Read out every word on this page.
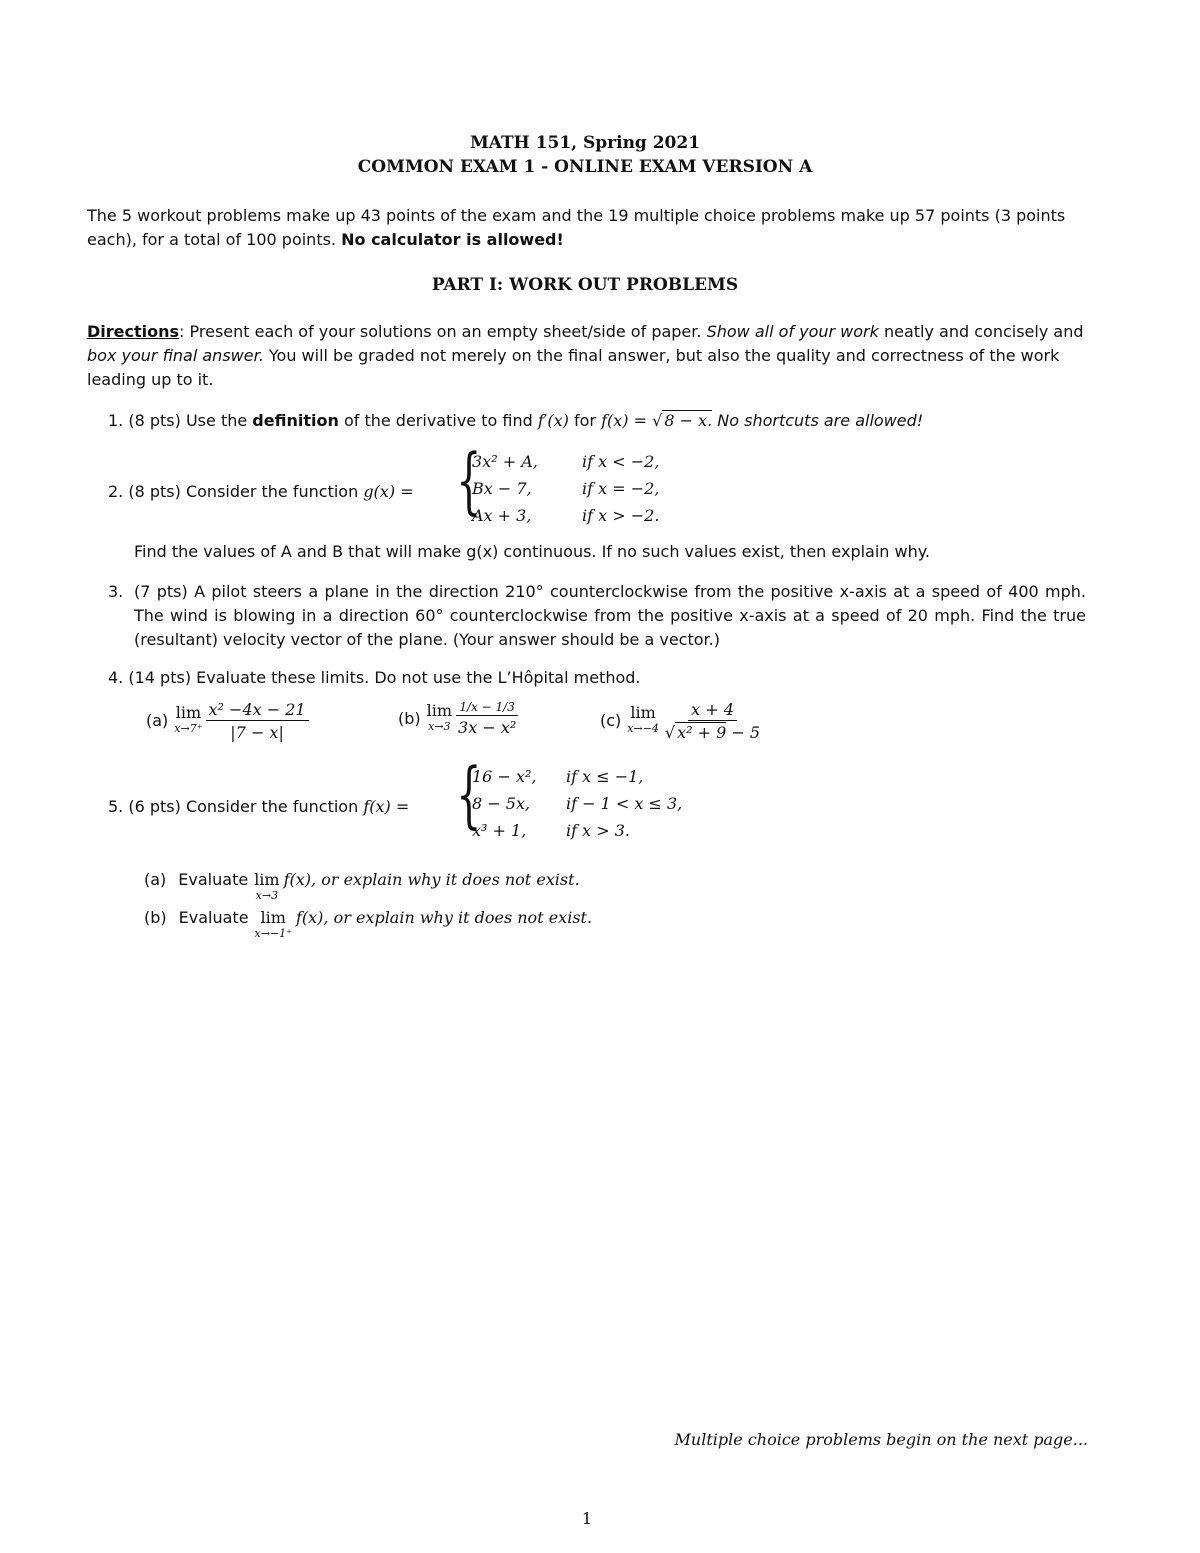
MATH 151, Spring 2021
COMMON EXAM 1 - ONLINE EXAM VERSION A
The 5 workout problems make up 43 points of the exam and the 19 multiple choice problems make up 57 points (3 points each), for a total of 100 points. No calculator is allowed!
PART I: WORK OUT PROBLEMS
Directions: Present each of your solutions on an empty sheet/side of paper. Show all of your work neatly and concisely and box your final answer. You will be graded not merely on the final answer, but also the quality and correctness of the work leading up to it.
1. (8 pts) Use the definition of the derivative to find f′(x) for f(x) = √ 8 − x. No shortcuts are allowed!
2. (8 pts) Consider the function g(x) = {
3x² + A,	if x < −2,
Bx − 7,	if x = −2,
Ax + 3,	if x > −2.
Find the values of A and B that will make g(x) continuous. If no such values exist, then explain why.
3. (7 pts) A pilot steers a plane in the direction 210° counterclockwise from the positive x-axis at a speed of 400 mph. The wind is blowing in a direction 60° counterclockwise from the positive x-axis at a speed of 20 mph. Find the true (resultant) velocity vector of the plane. (Your answer should be a vector.)
4. (14 pts) Evaluate these limits. Do not use the L’Hôpital method.
(a) lim
$x\to 7^+ \frac{\text{x² −4x − 21}}{|7 - x|}$	(b) lim
$x\to 3 \frac{1/x - 1/3}{\text{3x − x²}}$	(c) lim
$x\to-4 \frac{x + 4}{\text{√ x² + 9 − 5}}$
5. (6 pts) Consider the function f(x) = {
16 − x²,	if x ≤ −1,
8 − 5x,	if − 1 < x ≤ 3,
x³ + 1,	if x > 3.
(a) Evaluate lim
x→3
f(x), or explain why it does not exist.
(b) Evaluate lim
x→−1⁺
f(x), or explain why it does not exist.
Multiple choice problems begin on the next page...
1
